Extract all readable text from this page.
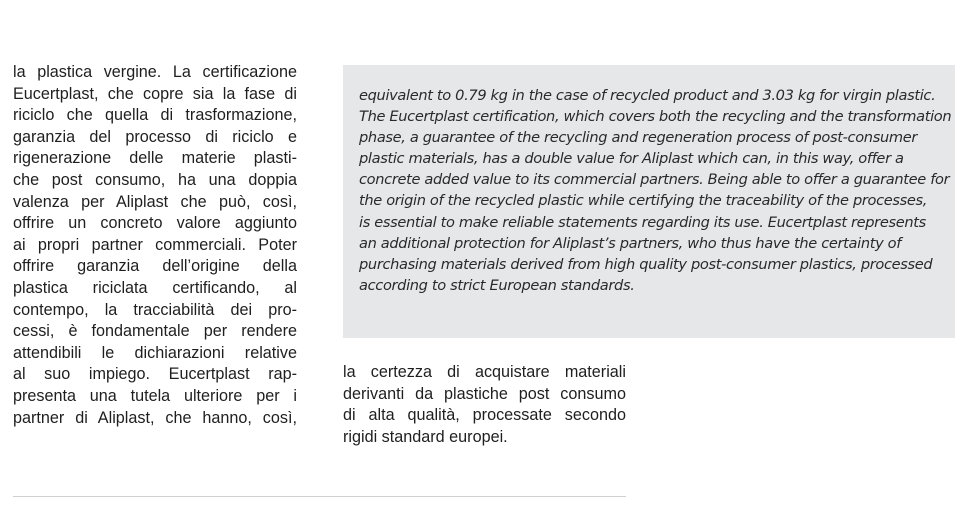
la plastica vergine. La certificazione
Eucertplast, che copre sia la fase di
riciclo che quella di trasformazione,
garanzia del processo di riciclo e
rigenerazione delle materie plasti-
che post consumo, ha una doppia
valenza per Aliplast che può, così,
offrire un concreto valore aggiunto
ai propri partner commerciali. Poter
offrire garanzia dell’origine della
plastica riciclata certificando, al
contempo, la tracciabilità dei pro-
cessi, è fondamentale per rendere
attendibili le dichiarazioni relative
al suo impiego. Eucertplast rap-
presenta una tutela ulteriore per i
partner di Aliplast, che hanno, così,
equivalent to 0.79 kg in the case of recycled product and 3.03 kg for virgin plastic.
The Eucertplast certification, which covers both the recycling and the transformation
phase, a guarantee of the recycling and regeneration process of post-consumer
plastic materials, has a double value for Aliplast which can, in this way, offer a
concrete added value to its commercial partners. Being able to offer a guarantee for
the origin of the recycled plastic while certifying the traceability of the processes,
is essential to make reliable statements regarding its use. Eucertplast represents
an additional protection for Aliplast’s partners, who thus have the certainty of
purchasing materials derived from high quality post-consumer plastics, processed
according to strict European standards.
la certezza di acquistare materiali
derivanti da plastiche post consumo
di alta qualità, processate secondo
rigidi standard europei.
